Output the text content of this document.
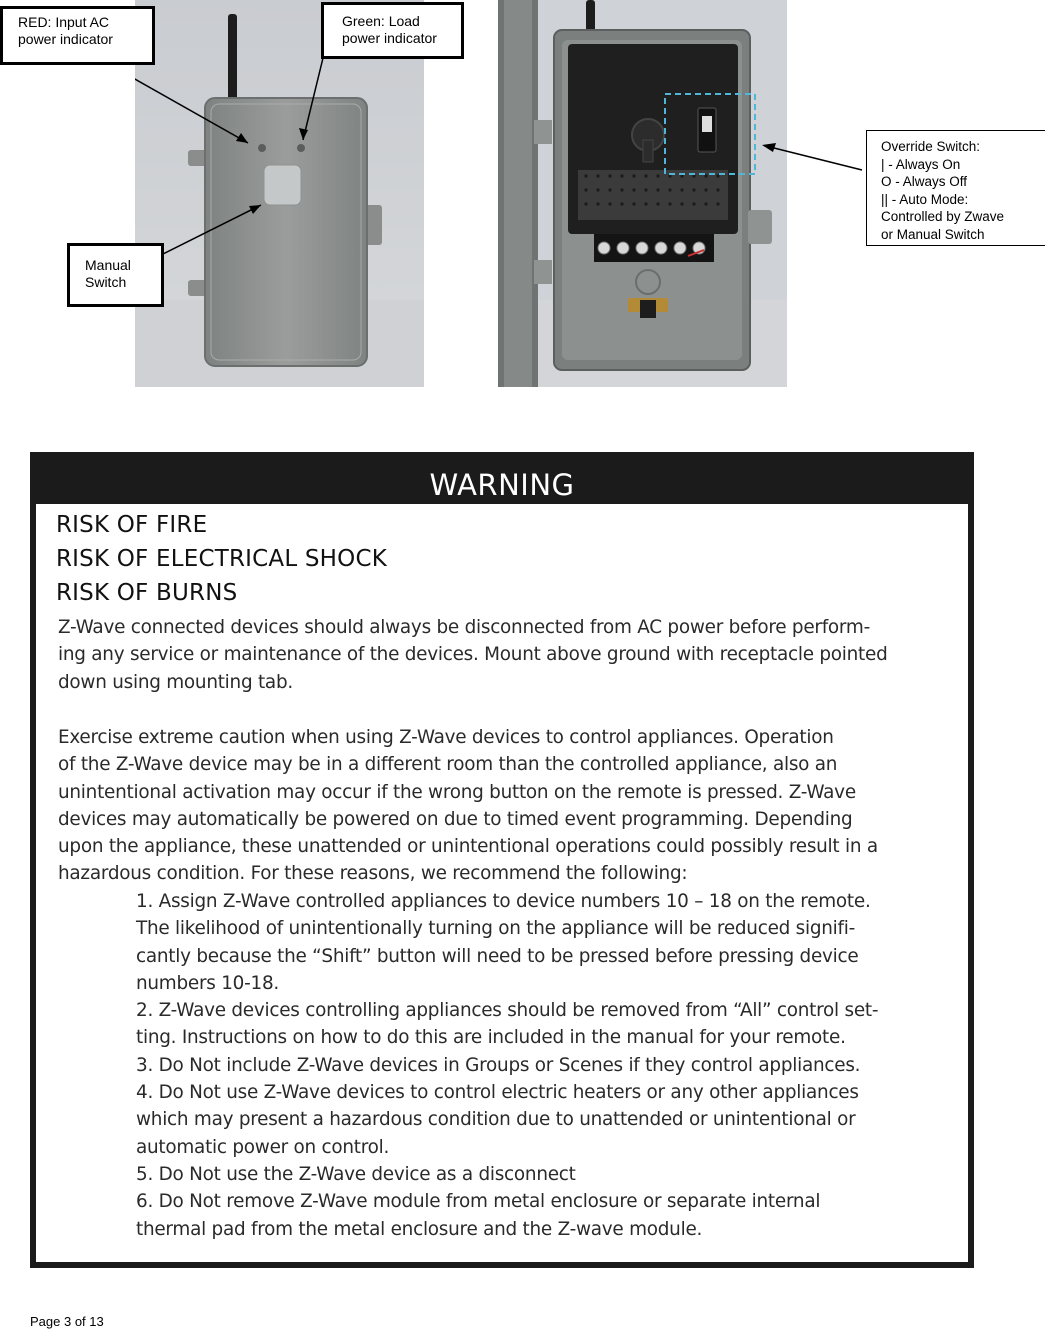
RED: Input AC
power indicator
Green: Load
power indicator
Manual
Switch
Override Switch:
| - Always On
O - Always Off
|| - Auto Mode:
Controlled by Zwave
or Manual Switch
WARNING
RISK OF FIRE
RISK OF ELECTRICAL SHOCK
RISK OF BURNS
Z-Wave connected devices should always be disconnected from AC power before perform-
ing any service or maintenance of the devices. Mount above ground with receptacle pointed
down using mounting tab.
Exercise extreme caution when using Z-Wave devices to control appliances. Operation
of the Z-Wave device may be in a different room than the controlled appliance, also an
unintentional activation may occur if the wrong button on the remote is pressed. Z-Wave
devices may automatically be powered on due to timed event programming. Depending
upon the appliance, these unattended or unintentional operations could possibly result in a
hazardous condition. For these reasons, we recommend the following:
1. Assign Z-Wave controlled appliances to device numbers 10 – 18 on the remote.
The likelihood of unintentionally turning on the appliance will be reduced signifi-
cantly because the “Shift” button will need to be pressed before pressing device
numbers 10-18.
2. Z-Wave devices controlling appliances should be removed from “All” control set-
ting. Instructions on how to do this are included in the manual for your remote.
3. Do Not include Z-Wave devices in Groups or Scenes if they control appliances.
4. Do Not use Z-Wave devices to control electric heaters or any other appliances
which may present a hazardous condition due to unattended or unintentional or
automatic power on control.
5. Do Not use the Z-Wave device as a disconnect
6. Do Not remove Z-Wave module from metal enclosure or separate internal
thermal pad from the metal enclosure and the Z-wave module.
Page 3 of 13
